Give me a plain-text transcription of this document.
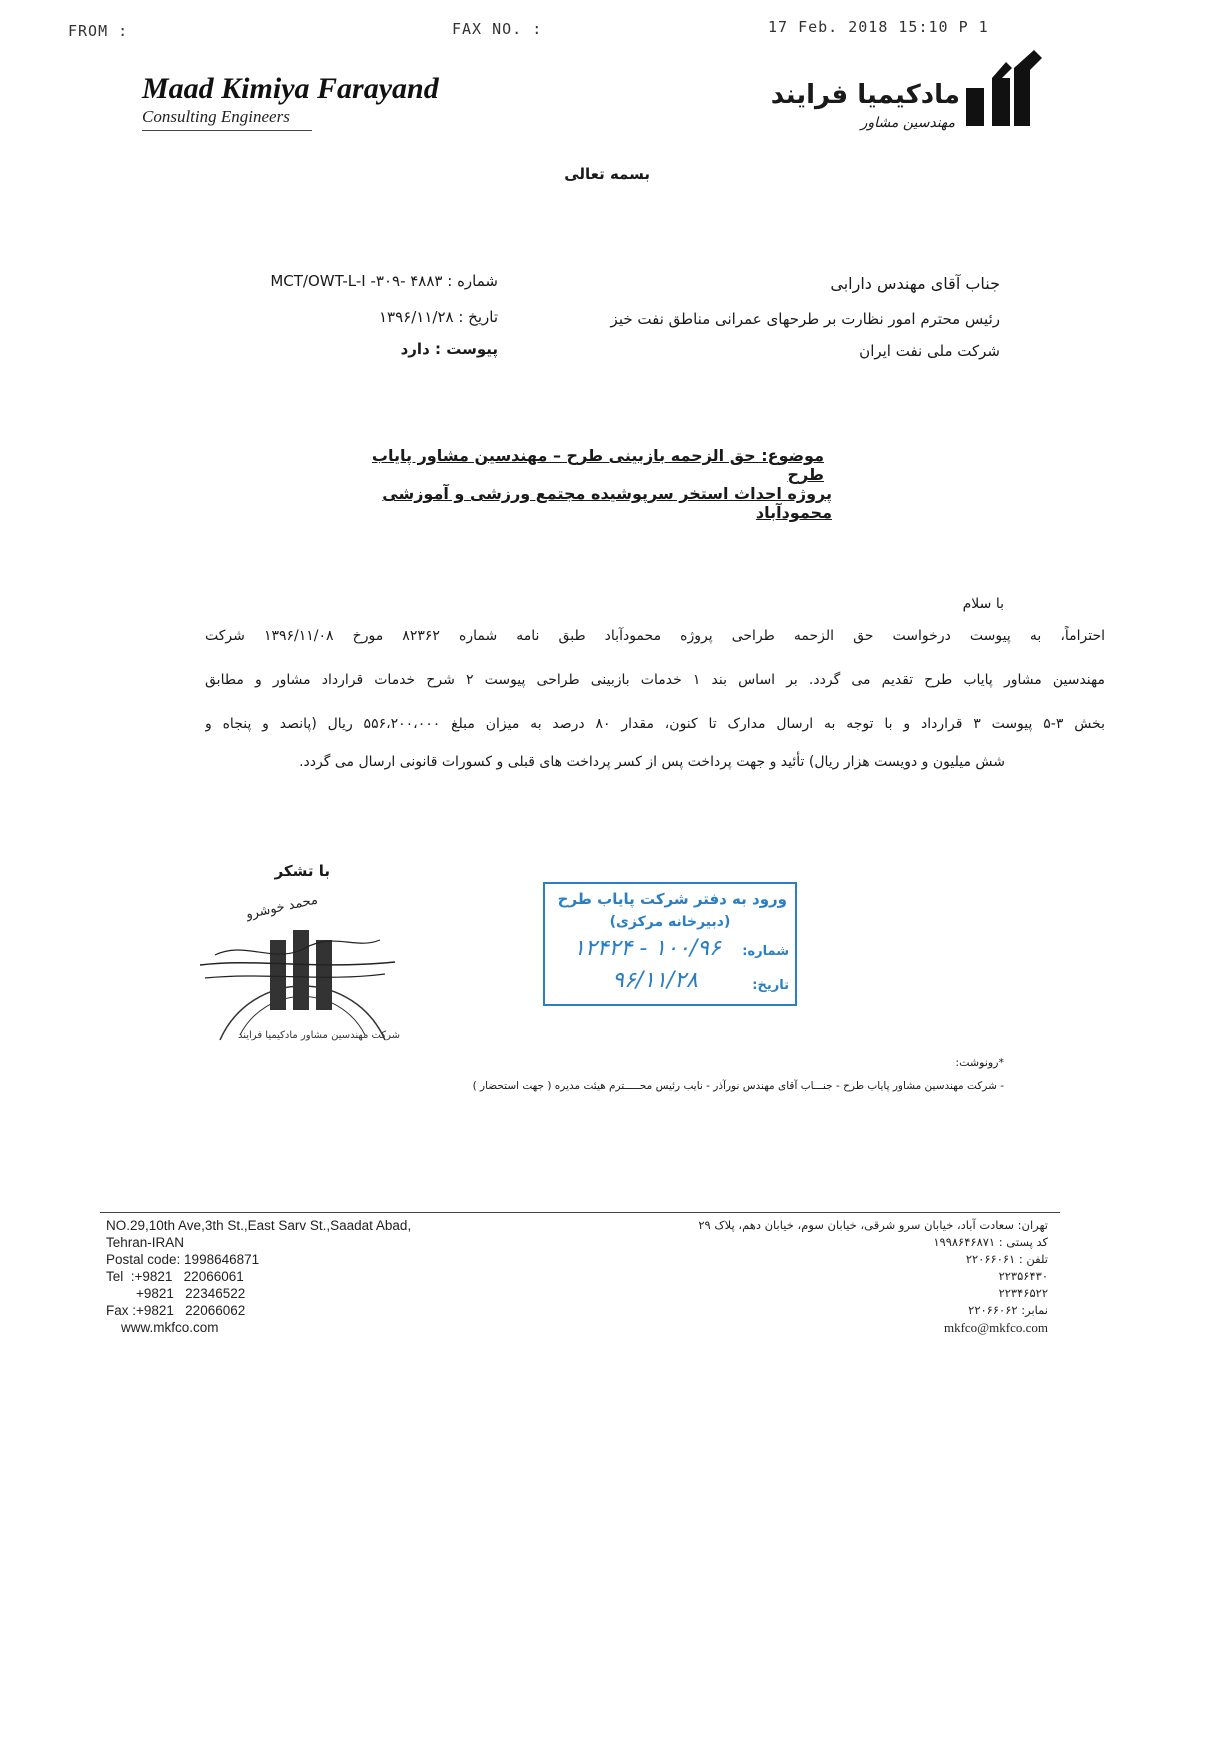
FROM :	FAX NO. :	17 Feb. 2018 15:10 P 1
Maad Kimiya Farayand
Consulting Engineers
مادکیمیا فرایند
مهندسین مشاور
بسمه تعالی
شماره : ۴۸۸۳ -MCT/OWT-L-I -۳۰۹
تاریخ : ۱۳۹۶/۱۱/۲۸
پیوست : دارد
جناب آقای مهندس دارابی
رئیس محترم امور نظارت بر طرحهای عمرانی مناطق نفت خیز
شرکت ملی نفت ایران
موضوع: حق الزحمه بازبینی طرح – مهندسین مشاور پایاب طرح
پروژه احداث استخر سرپوشیده مجتمع ورزشی و آموزشی محمودآباد
با سلام
احتراماً، به پیوست درخواست حق الزحمه طراحی پروژه محمودآباد طبق نامه شماره ۸۲۳۶۲ مورخ ۱۳۹۶/۱۱/۰۸ شرکت
مهندسین مشاور پایاب طرح تقدیم می گردد. بر اساس بند ۱ خدمات بازبینی طراحی پیوست ۲ شرح خدمات قرارداد مشاور و مطابق
بخش ۳-۵ پیوست ۳ قرارداد و با توجه به ارسال مدارک تا کنون، مقدار ۸۰ درصد به میزان مبلغ ۵۵۶،۲۰۰،۰۰۰ ریال (پانصد و پنجاه و
شش میلیون و دویست هزار ریال) تأئید و جهت پرداخت پس از کسر پرداخت های قبلی و کسورات قانونی ارسال می گردد.
با تشکر
محمد خوشرو
شرکت مهندسین مشاور مادکیمیا فرایند
ورود به دفتر شرکت پایاب طرح
(دبیرخانه مرکزی)
شماره:
۱۰۰/۹۶ - ۱۲۴۲۴
تاریخ:
۹۶/۱۱/۲۸
*رونوشت:
- شرکت مهندسین مشاور پایاب طرح - جنـــاب آقای مهندس نورآذر - نایب رئیس محـــــترم هیئت مدیره ( جهت استحضار )
NO.29,10th Ave,3th St.,East Sarv St.,Saadat Abad,
Tehran-IRAN
Postal code: 1998646871
Tel  :+9821   22066061
+9821   22346522
Fax :+9821   22066062
www.mkfco.com
تهران: سعادت آباد، خیابان سرو شرقی، خیابان سوم، خیابان دهم، پلاک ۲۹
کد پستی : ۱۹۹۸۶۴۶۸۷۱
تلفن : ۲۲۰۶۶۰۶۱
۲۲۳۵۶۴۳۰
۲۲۳۴۶۵۲۲
نمابر: ۲۲۰۶۶۰۶۲
mkfco@mkfco.com
